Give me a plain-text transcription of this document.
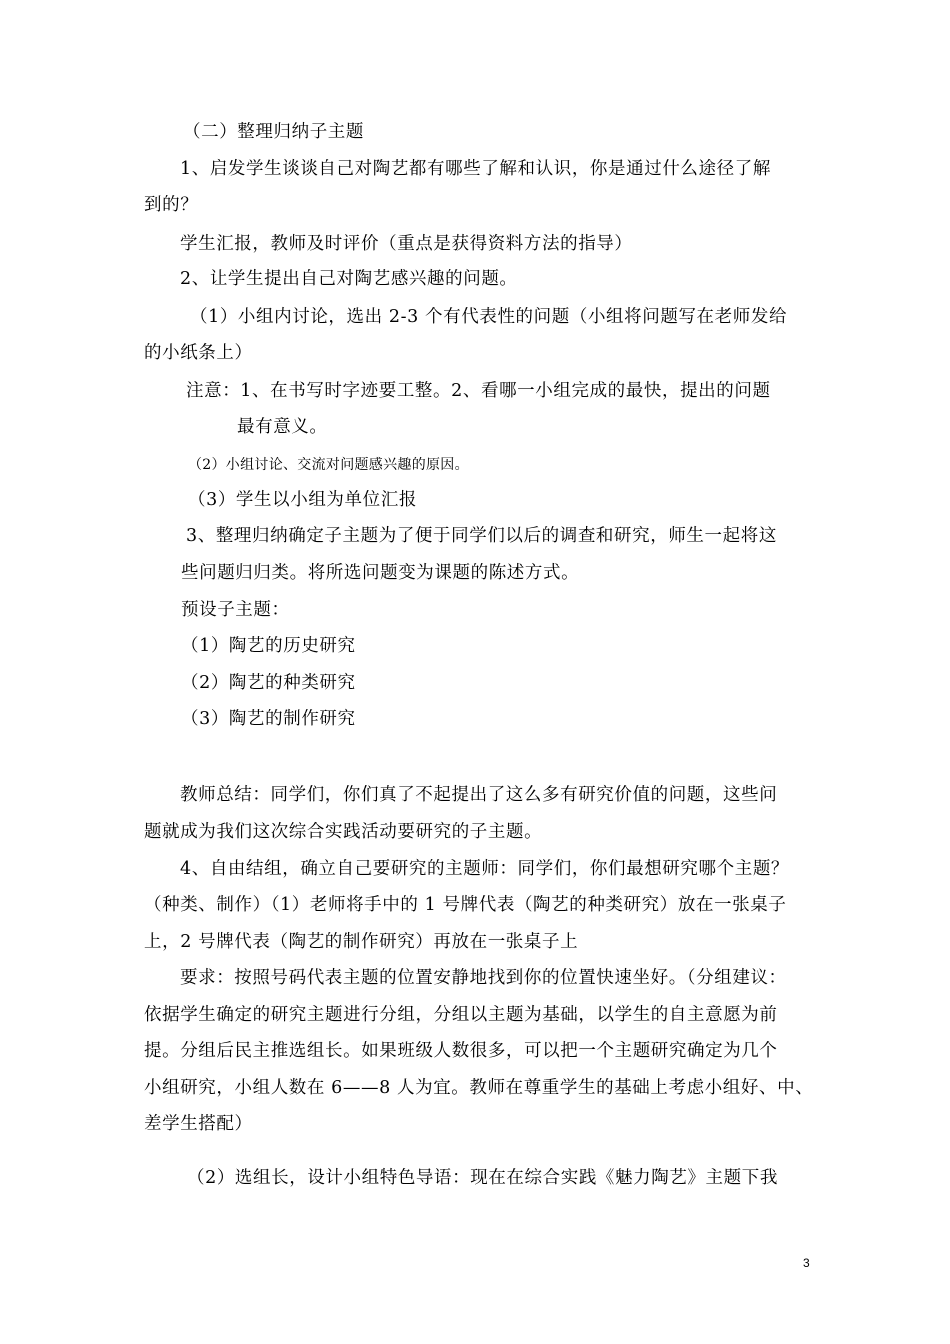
（二）整理归纳子主题
1、启发学生谈谈自己对陶艺都有哪些了解和认识，你是通过什么途径了解
到的？
学生汇报，教师及时评价（重点是获得资料方法的指导）
2、让学生提出自己对陶艺感兴趣的问题。
（1）小组内讨论，选出 2-3 个有代表性的问题（小组将问题写在老师发给
的小纸条上）
注意：1、在书写时字迹要工整。2、看哪一小组完成的最快，提出的问题
最有意义。
（2）小组讨论、交流对问题感兴趣的原因。
（3）学生以小组为单位汇报
3、整理归纳确定子主题为了便于同学们以后的调查和研究，师生一起将这
些问题归归类。将所选问题变为课题的陈述方式。
预设子主题：
（1）陶艺的历史研究
（2）陶艺的种类研究
（3）陶艺的制作研究
教师总结：同学们，你们真了不起提出了这么多有研究价值的问题，这些问
题就成为我们这次综合实践活动要研究的子主题。
4、自由结组，确立自己要研究的主题师：同学们，你们最想研究哪个主题？
（种类、制作）（1）老师将手中的 1 号牌代表（陶艺的种类研究）放在一张桌子
上，2 号牌代表（陶艺的制作研究）再放在一张桌子上
要求：按照号码代表主题的位置安静地找到你的位置快速坐好。（分组建议：
依据学生确定的研究主题进行分组，分组以主题为基础，以学生的自主意愿为前
提。分组后民主推选组长。如果班级人数很多，可以把一个主题研究确定为几个
小组研究，小组人数在 6——8 人为宜。教师在尊重学生的基础上考虑小组好、中、
差学生搭配）
（2）选组长，设计小组特色导语：现在在综合实践《魅力陶艺》主题下我
3
